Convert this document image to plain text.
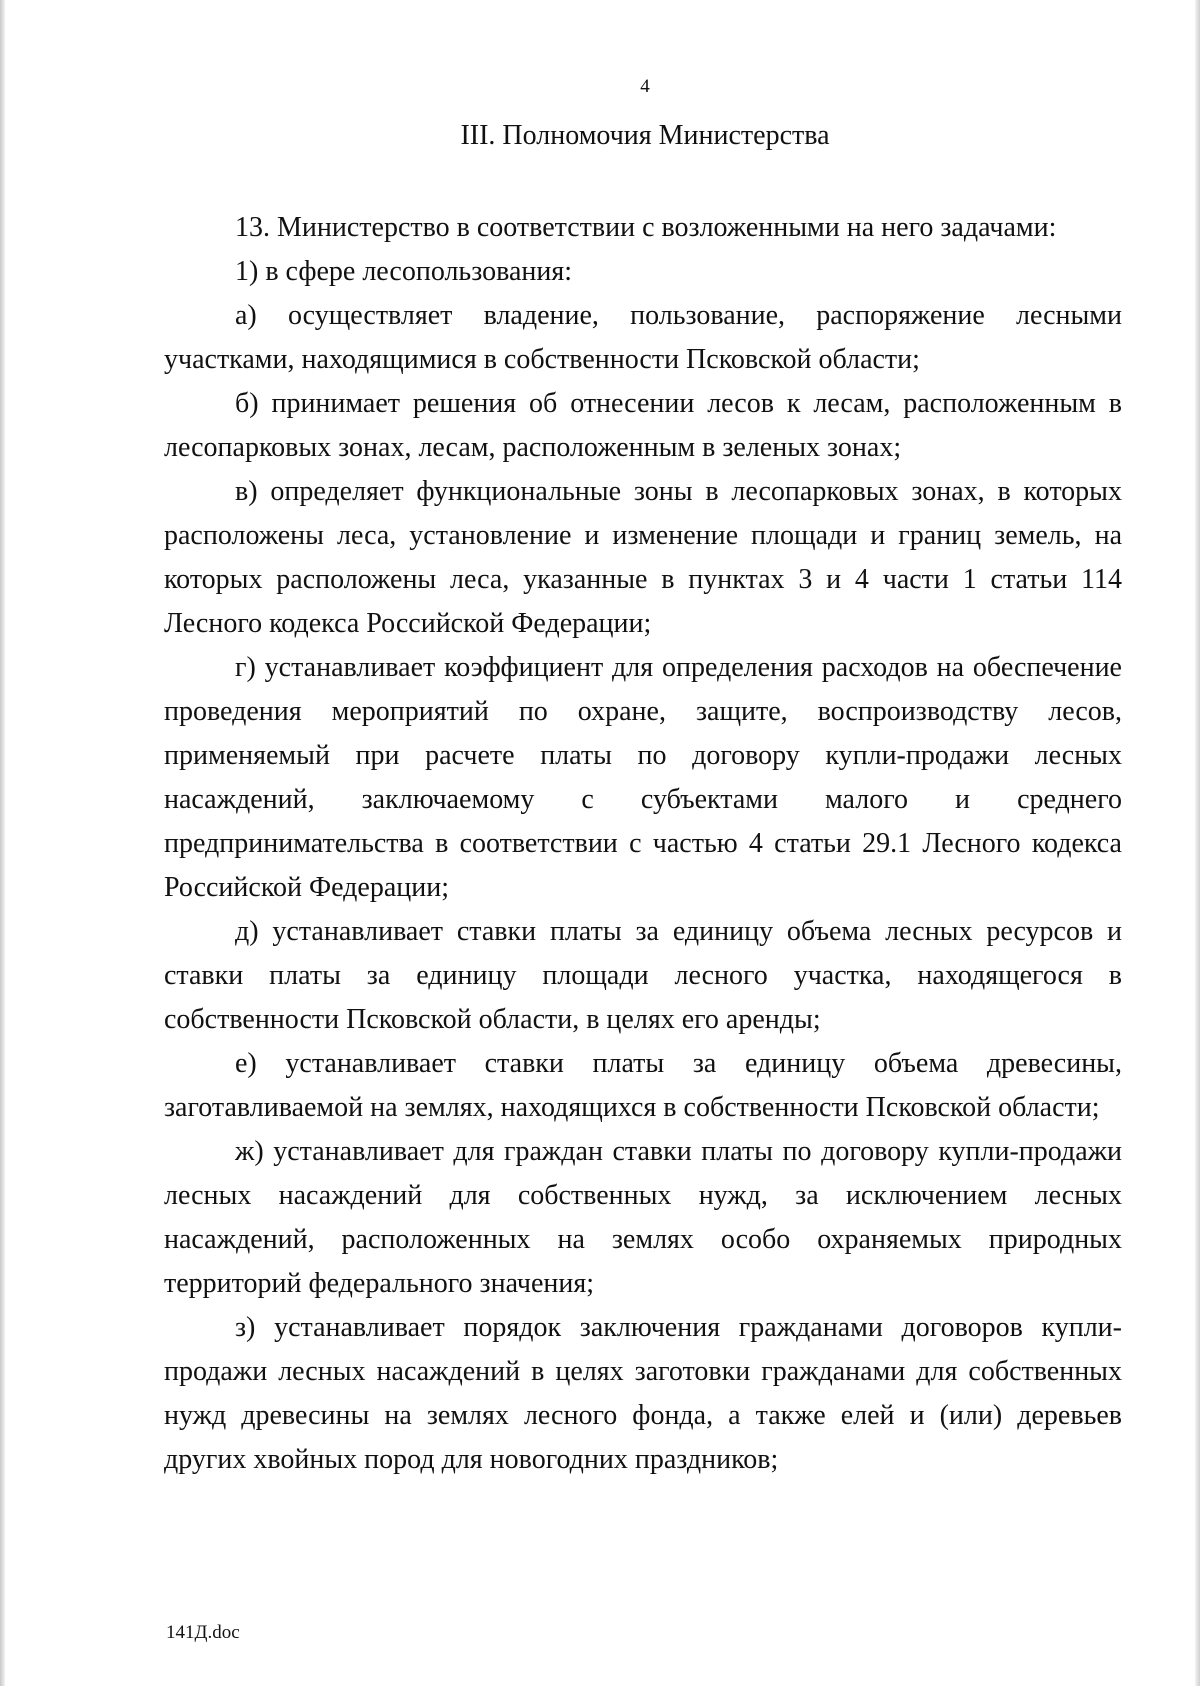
4
III. Полномочия Министерства

13. Министерство в соответствии с возложенными на него задачами:

1) в сфере лесопользования:

а) осуществляет владение, пользование, распоряжение лесными участками, находящимися в собственности Псковской области;

б) принимает решения об отнесении лесов к лесам, расположенным в лесопарковых зонах, лесам, расположенным в зеленых зонах;

в) определяет функциональные зоны в лесопарковых зонах, в которых расположены леса, установление и изменение площади и границ земель, на которых расположены леса, указанные в пунктах 3 и 4 части 1 статьи 114 Лесного кодекса Российской Федерации;

г) устанавливает коэффициент для определения расходов на обеспечение проведения мероприятий по охране, защите, воспроизводству лесов, применяемый при расчете платы по договору купли-продажи лесных насаждений, заключаемому с субъектами малого и среднего предпринимательства в соответствии с частью 4 статьи 29.1 Лесного кодекса Российской Федерации;

д) устанавливает ставки платы за единицу объема лесных ресурсов и ставки платы за единицу площади лесного участка, находящегося в собственности Псковской области, в целях его аренды;

е) устанавливает ставки платы за единицу объема древесины, заготавливаемой на землях, находящихся в собственности Псковской области;

ж) устанавливает для граждан ставки платы по договору купли-продажи лесных насаждений для собственных нужд, за исключением лесных насаждений, расположенных на землях особо охраняемых природных территорий федерального значения;

з) устанавливает порядок заключения гражданами договоров купли-продажи лесных насаждений в целях заготовки гражданами для собственных нужд древесины на землях лесного фонда, а также елей и (или) деревьев других хвойных пород для новогодних праздников;

141Д.doc
